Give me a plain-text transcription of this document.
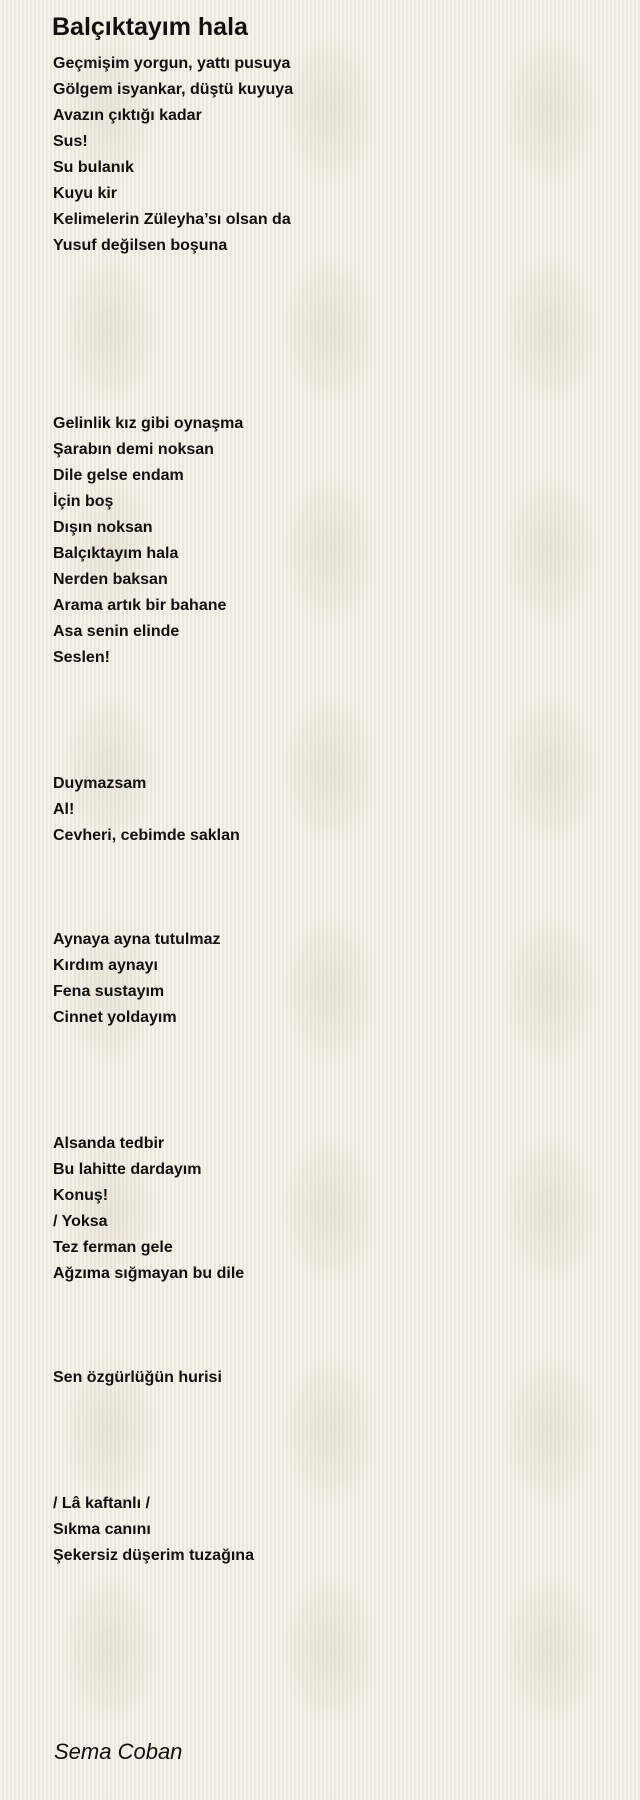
Balçıktayım hala
Geçmişim yorgun, yattı pusuya
Gölgem isyankar, düştü kuyuya
Avazın çıktığı kadar
Sus!
Su bulanık
Kuyu kir
Kelimelerin Züleyha’sı olsan da
Yusuf değilsen boşuna
Gelinlik kız gibi oynaşma
Şarabın demi noksan
Dile gelse endam
İçin boş
Dışın noksan
Balçıktayım hala
Nerden baksan
Arama artık bir bahane
Asa senin elinde
Seslen!
Duymazsam
Al!
Cevheri, cebimde saklan
Aynaya ayna tutulmaz
Kırdım aynayı
Fena sustayım
Cinnet yoldayım
Alsanda tedbir
Bu lahitte dardayım
Konuş!
/ Yoksa
Tez ferman gele
Ağzıma sığmayan bu dile
Sen özgürlüğün hurisi
/ Lâ kaftanlı /
Sıkma canını
Şekersiz düşerim tuzağına
Sema Coban
